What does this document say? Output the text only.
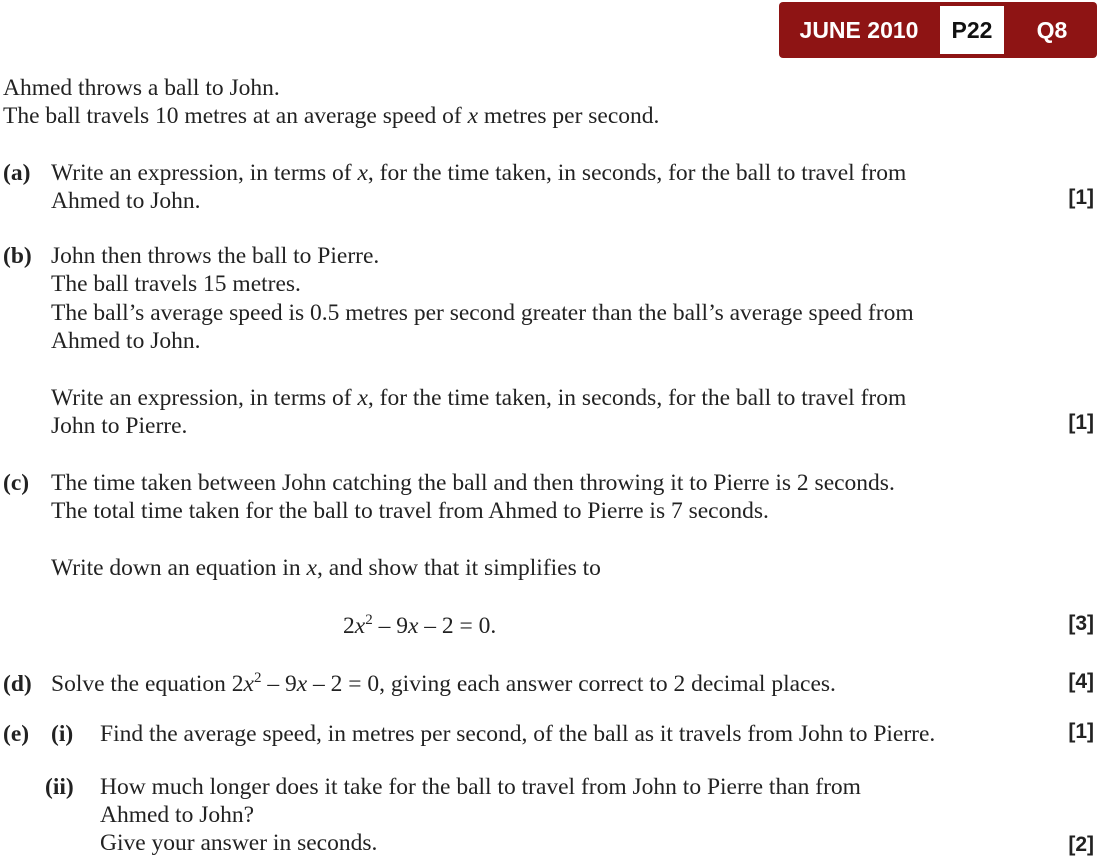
JUNE 2010	P22	Q8
Ahmed throws a ball to John.
The ball travels 10 metres at an average speed of x metres per second.
(a) Write an expression, in terms of x, for the time taken, in seconds, for the ball to travel from
Ahmed to John.	[1]
(b) John then throws the ball to Pierre.
The ball travels 15 metres.
The ball’s average speed is 0.5 metres per second greater than the ball’s average speed from
Ahmed to John.
Write an expression, in terms of x, for the time taken, in seconds, for the ball to travel from
John to Pierre.	[1]
(c) The time taken between John catching the ball and then throwing it to Pierre is 2 seconds.
The total time taken for the ball to travel from Ahmed to Pierre is 7 seconds.
Write down an equation in x, and show that it simplifies to
$2x^2 - 9x - 2 = 0$.	[3]
(d) Solve the equation $2x^2 - 9x - 2 = 0$, giving each answer correct to 2 decimal places.	[4]
(e) (i) Find the average speed, in metres per second, of the ball as it travels from John to Pierre.	[1]
(ii) How much longer does it take for the ball to travel from John to Pierre than from
Ahmed to John?
Give your answer in seconds.	[2]
